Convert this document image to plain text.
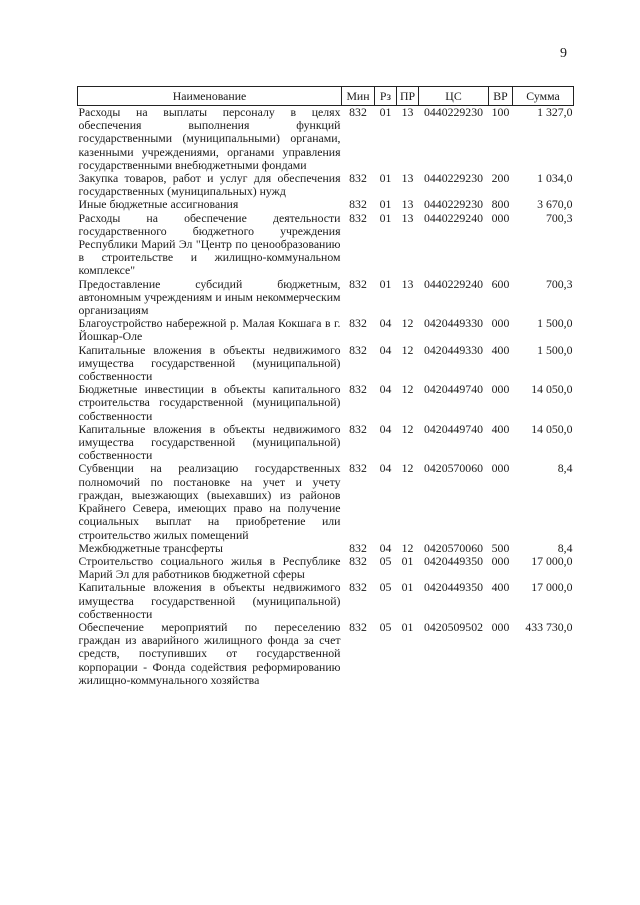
9
Наименование	Мин	Рз	ПР	ЦС	ВР	Сумма
Расходы на выплаты персоналу в целях обеспечения выполнения функций государственными (муниципальными) органами, казенными учреждениями, органами управления государственными внебюджетными фондами	832	01	13	0440229230	100	1 327,0
Закупка товаров, работ и услуг для обеспечения государственных (муниципальных) нужд	832	01	13	0440229230	200	1 034,0
Иные бюджетные ассигнования	832	01	13	0440229230	800	3 670,0
Расходы на обеспечение деятельности государственного бюджетного учреждения Республики Марий Эл "Центр по ценообразованию в строительстве и жилищно-коммунальном комплексе"	832	01	13	0440229240	000	700,3
Предоставление субсидий бюджетным, автономным учреждениям и иным некоммерческим организациям	832	01	13	0440229240	600	700,3
Благоустройство набережной р. Малая Кокшага в г. Йошкар-Оле	832	04	12	0420449330	000	1 500,0
Капитальные вложения в объекты недвижимого имущества государственной (муниципальной) собственности	832	04	12	0420449330	400	1 500,0
Бюджетные инвестиции в объекты капитального строительства государственной (муниципальной) собственности	832	04	12	0420449740	000	14 050,0
Капитальные вложения в объекты недвижимого имущества государственной (муниципальной) собственности	832	04	12	0420449740	400	14 050,0
Субвенции на реализацию государственных полномочий по постановке на учет и учету граждан, выезжающих (выехавших) из районов Крайнего Севера, имеющих право на получение социальных выплат на приобретение или строительство жилых помещений	832	04	12	0420570060	000	8,4
Межбюджетные трансферты	832	04	12	0420570060	500	8,4
Строительство социального жилья в Республике Марий Эл для работников бюджетной сферы	832	05	01	0420449350	000	17 000,0
Капитальные вложения в объекты недвижимого имущества государственной (муниципальной) собственности	832	05	01	0420449350	400	17 000,0
Обеспечение мероприятий по переселению граждан из аварийного жилищного фонда за счет средств, поступивших от государственной корпорации - Фонда содействия реформированию жилищно-коммунального хозяйства	832	05	01	0420509502	000	433 730,0
